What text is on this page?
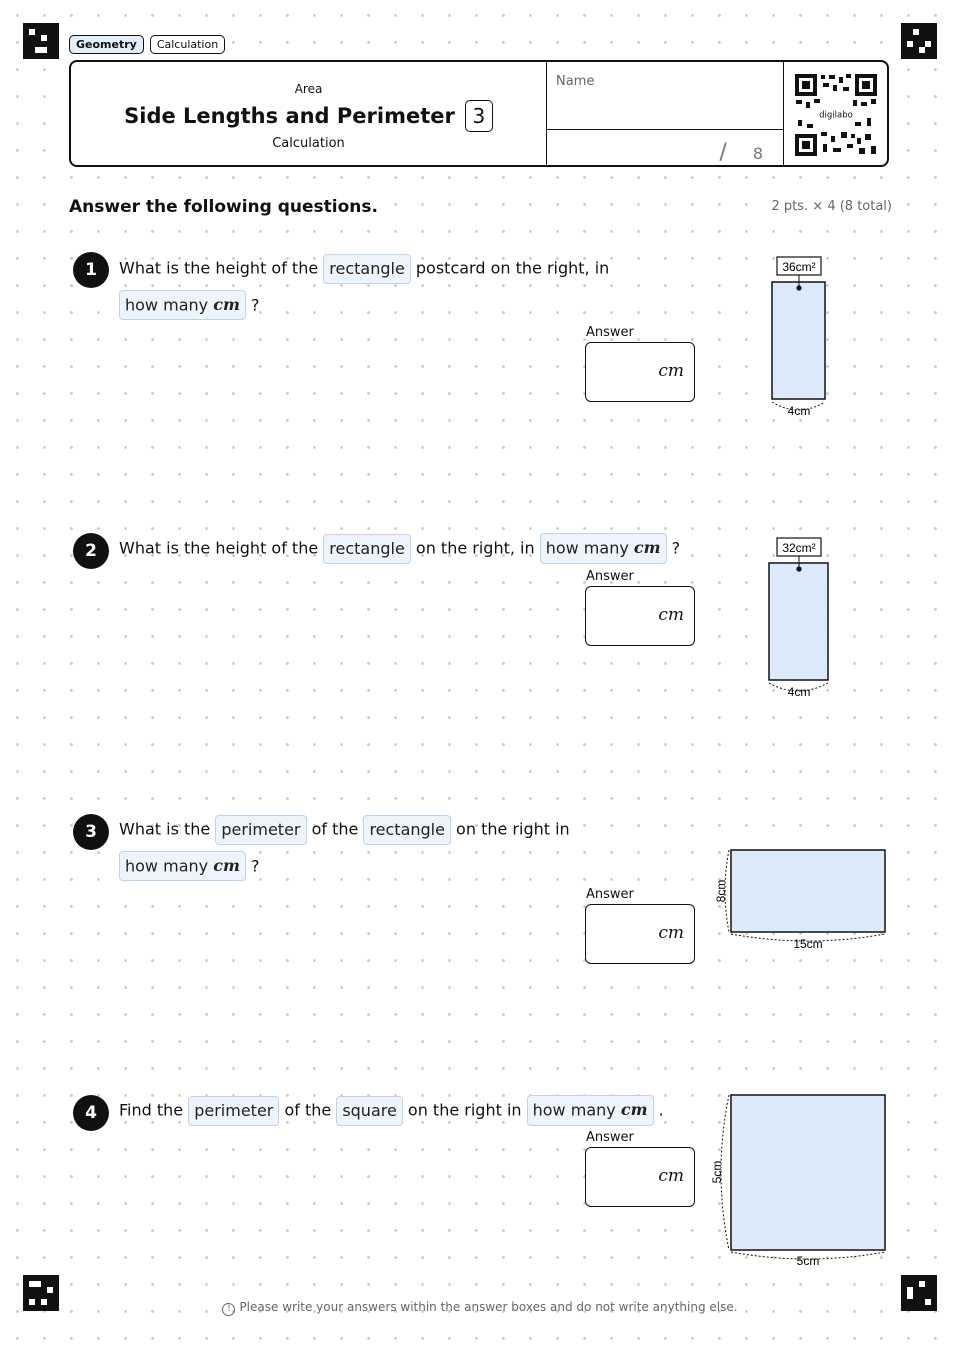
Geometry	Calculation
Area
Side Lengths and Perimeter 3
Calculation
Name
/ 8
digilabo
Answer the following questions.	2 pts. × 4 (8 total)
1	What is the height of the rectangle postcard on the right, in
how many cm ?
Answer
cm
36cm²
4cm
2	What is the height of the rectangle on the right, in how many cm ?
Answer
cm
32cm²
4cm
3	What is the perimeter of the rectangle on the right in
how many cm ?
Answer
cm
8cm
15cm
4	Find the perimeter of the square on the right in how many cm .
Answer
cm 5cm
5cm
! Please write your answers within the answer boxes and do not write anything else.
